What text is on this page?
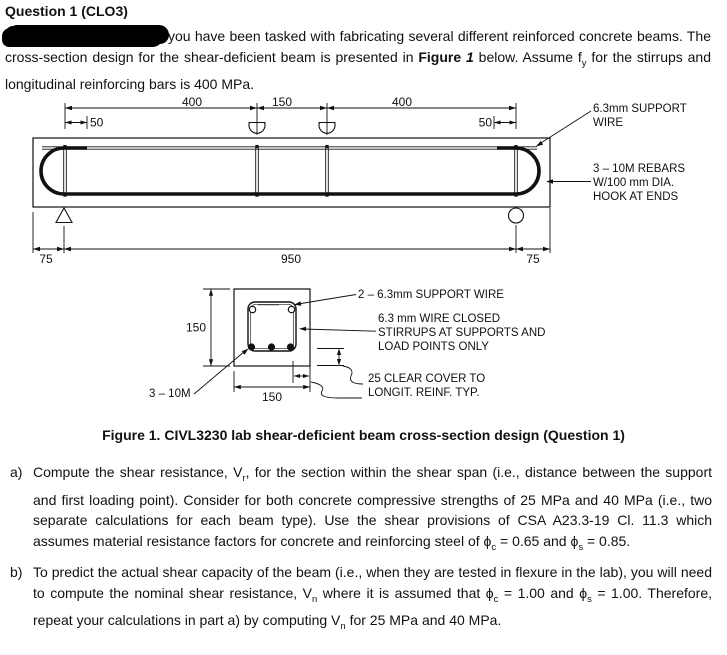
Question 1 (CLO3)

you have been tasked with fabricating several different reinforced concrete beams. The cross-section design for the shear-deficient beam is presented in Figure 1 below. Assume $f_y$ for the stirrups and longitudinal reinforcing bars is 400 MPa.

400	150	400
50	50
75	950	75
6.3mm SUPPORT
WIRE
3 – 10M REBARS
W/100 mm DIA.
HOOK AT ENDS
150
150
3 – 10M
2 – 6.3mm SUPPORT WIRE
6.3 mm WIRE CLOSED
STIRRUPS AT SUPPORTS AND
LOAD POINTS ONLY
25 CLEAR COVER TO
LONGIT. REINF. TYP.

Figure 1. CIVL3230 lab shear-deficient beam cross-section design (Question 1)

a) Compute the shear resistance, $V_r$, for the section within the shear span (i.e., distance between the support and first loading point). Consider for both concrete compressive strengths of 25 MPa and 40 MPa (i.e., two separate calculations for each beam type). Use the shear provisions of CSA A23.3-19 Cl. 11.3 which assumes material resistance factors for concrete and reinforcing steel of $\phi_c = 0.65$ and $\phi_s = 0.85$.

b) To predict the actual shear capacity of the beam (i.e., when they are tested in flexure in the lab), you will need to compute the nominal shear resistance, $V_n$ where it is assumed that $\phi_c = 1.00$ and $\phi_s = 1.00$. Therefore, repeat your calculations in part a) by computing $V_n$ for 25 MPa and 40 MPa.
